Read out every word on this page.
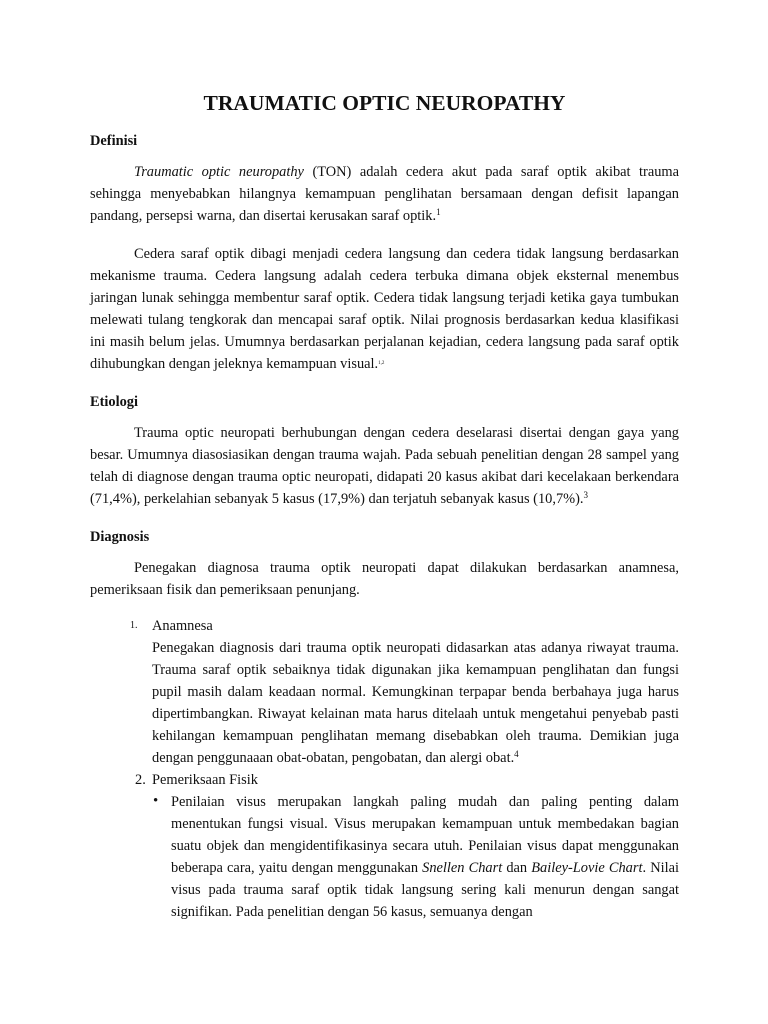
TRAUMATIC OPTIC NEUROPATHY
Definisi

Traumatic optic neuropathy (TON) adalah cedera akut pada saraf optik akibat trauma sehingga menyebabkan hilangnya kemampuan penglihatan bersamaan dengan defisit lapangan pandang, persepsi warna, dan disertai kerusakan saraf optik.$^1$

Cedera saraf optik dibagi menjadi cedera langsung dan cedera tidak langsung berdasarkan mekanisme trauma. Cedera langsung adalah cedera terbuka dimana objek eksternal menembus jaringan lunak sehingga membentur saraf optik. Cedera tidak langsung terjadi ketika gaya tumbukan melewati tulang tengkorak dan mencapai saraf optik. Nilai prognosis berdasarkan kedua klasifikasi ini masih belum jelas. Umumnya berdasarkan perjalanan kejadian, cedera langsung pada saraf optik dihubungkan dengan jeleknya kemampuan visual.$^{1,2}$

Etiologi

Trauma optic neuropati berhubungan dengan cedera deselarasi disertai dengan gaya yang besar. Umumnya diasosiasikan dengan trauma wajah. Pada sebuah penelitian dengan 28 sampel yang telah di diagnose dengan trauma optic neuropati, didapati 20 kasus akibat dari kecelakaan berkendara (71,4%), perkelahian sebanyak 5 kasus (17,9%) dan terjatuh sebanyak kasus (10,7%).$^3$

Diagnosis

Penegakan diagnosa trauma optik neuropati dapat dilakukan berdasarkan anamnesa, pemeriksaan fisik dan pemeriksaan penunjang.

1. Anamnesa
Penegakan diagnosis dari trauma optik neuropati didasarkan atas adanya riwayat trauma. Trauma saraf optik sebaiknya tidak digunakan jika kemampuan penglihatan dan fungsi pupil masih dalam keadaan normal. Kemungkinan terpapar benda berbahaya juga harus dipertimbangkan. Riwayat kelainan mata harus ditelaah untuk mengetahui penyebab pasti kehilangan kemampuan penglihatan memang disebabkan oleh trauma. Demikian juga dengan penggunaaan obat-obatan, pengobatan, dan alergi obat.$^4$
2. Pemeriksaan Fisik
• Penilaian visus merupakan langkah paling mudah dan paling penting dalam menentukan fungsi visual. Visus merupakan kemampuan untuk membedakan bagian suatu objek dan mengidentifikasinya secara utuh. Penilaian visus dapat menggunakan beberapa cara, yaitu dengan menggunakan Snellen Chart dan Bailey-Lovie Chart. Nilai visus pada trauma saraf optik tidak langsung sering kali menurun dengan sangat signifikan. Pada penelitian dengan 56 kasus, semuanya dengan
